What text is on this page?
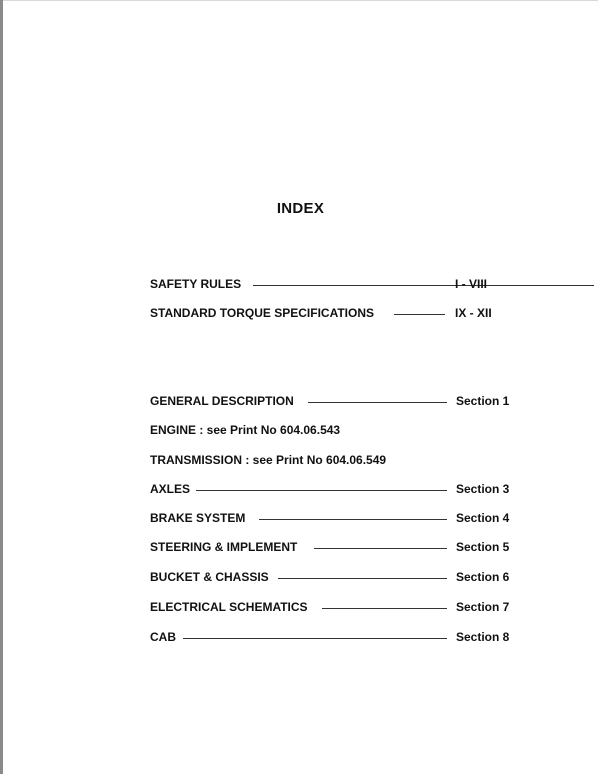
INDEX
SAFETY RULES	I - VIII
STANDARD TORQUE SPECIFICATIONS	IX - XII
GENERAL DESCRIPTION	Section 1
ENGINE : see Print No 604.06.543
TRANSMISSION : see Print No 604.06.549
AXLES	Section 3
BRAKE SYSTEM	Section 4
STEERING & IMPLEMENT	Section 5
BUCKET & CHASSIS	Section 6
ELECTRICAL SCHEMATICS	Section 7
CAB	Section 8
